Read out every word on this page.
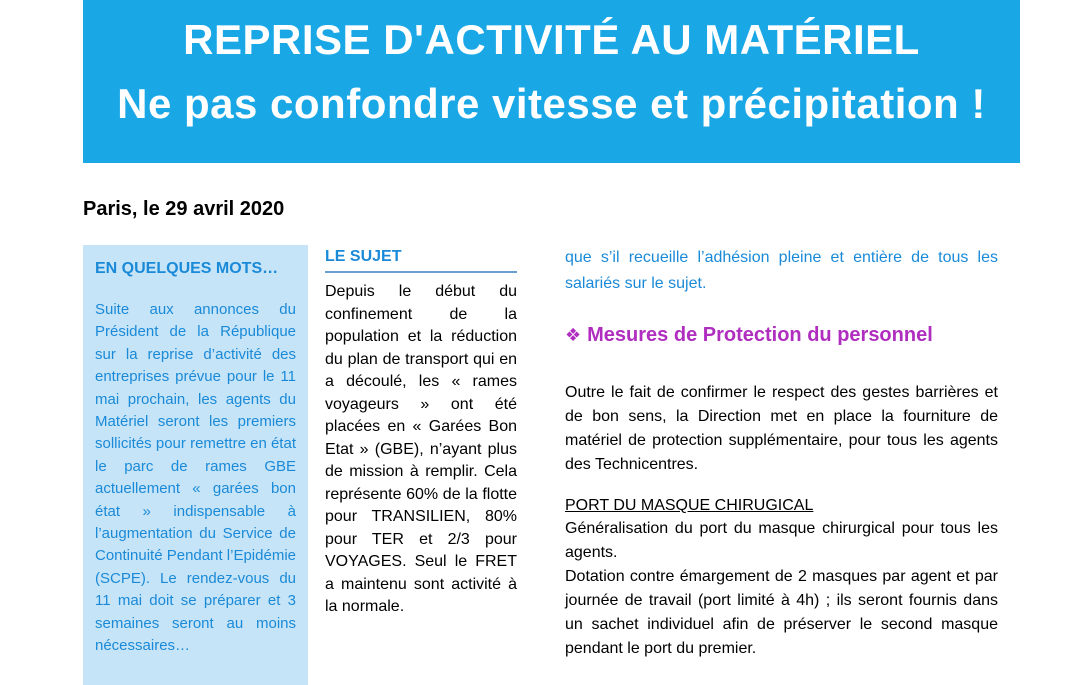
REPRISE D'ACTIVITÉ AU MATÉRIEL
Ne pas confondre vitesse et précipitation !
Paris, le 29 avril 2020
EN QUELQUES MOTS…
Suite aux annonces du Président de la République sur la reprise d’activité des entreprises prévue pour le 11 mai prochain, les agents du Matériel seront les premiers sollicités pour remettre en état le parc de rames GBE actuellement « garées bon état » indispensable à l’augmentation du Service de Continuité Pendant l’Epidémie (SCPE). Le rendez-vous du 11 mai doit se préparer et 3 semaines seront au moins nécessaires…
LE SUJET
Depuis le début du confinement de la population et la réduction du plan de transport qui en a découlé, les « rames voyageurs » ont été placées en « Garées Bon Etat » (GBE), n’ayant plus de mission à remplir. Cela représente 60% de la flotte pour TRANSILIEN, 80% pour TER et 2/3 pour VOYAGES. Seul le FRET a maintenu sont activité à la normale.
que s’il recueille l’adhésion pleine et entière de tous les salariés sur le sujet.
❖ Mesures de Protection du personnel
Outre le fait de confirmer le respect des gestes barrières et de bon sens, la Direction met en place la fourniture de matériel de protection supplémentaire, pour tous les agents des Technicentres.
PORT DU MASQUE CHIRUGICAL
Généralisation du port du masque chirurgical pour tous les agents.
Dotation contre émargement de 2 masques par agent et par journée de travail (port limité à 4h) ; ils seront fournis dans un sachet individuel afin de préserver le second masque pendant le port du premier.
